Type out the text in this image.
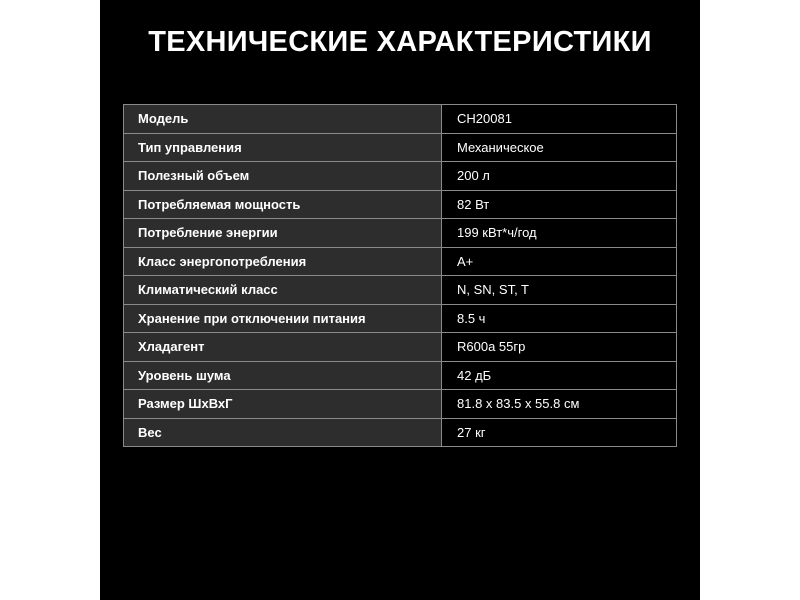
ТЕХНИЧЕСКИЕ ХАРАКТЕРИСТИКИ
Модель	CH20081
Тип управления	Механическое
Полезный объем	200 л
Потребляемая мощность	82 Вт
Потребление энергии	199 кВт*ч/год
Класс энергопотребления	А+
Климатический класс	N, SN, ST, T
Хранение при отключении питания	8.5 ч
Хладагент	R600a 55гр
Уровень шума	42 дБ
Размер ШхВхГ	81.8 х 83.5 х 55.8 см
Вес	27 кг
